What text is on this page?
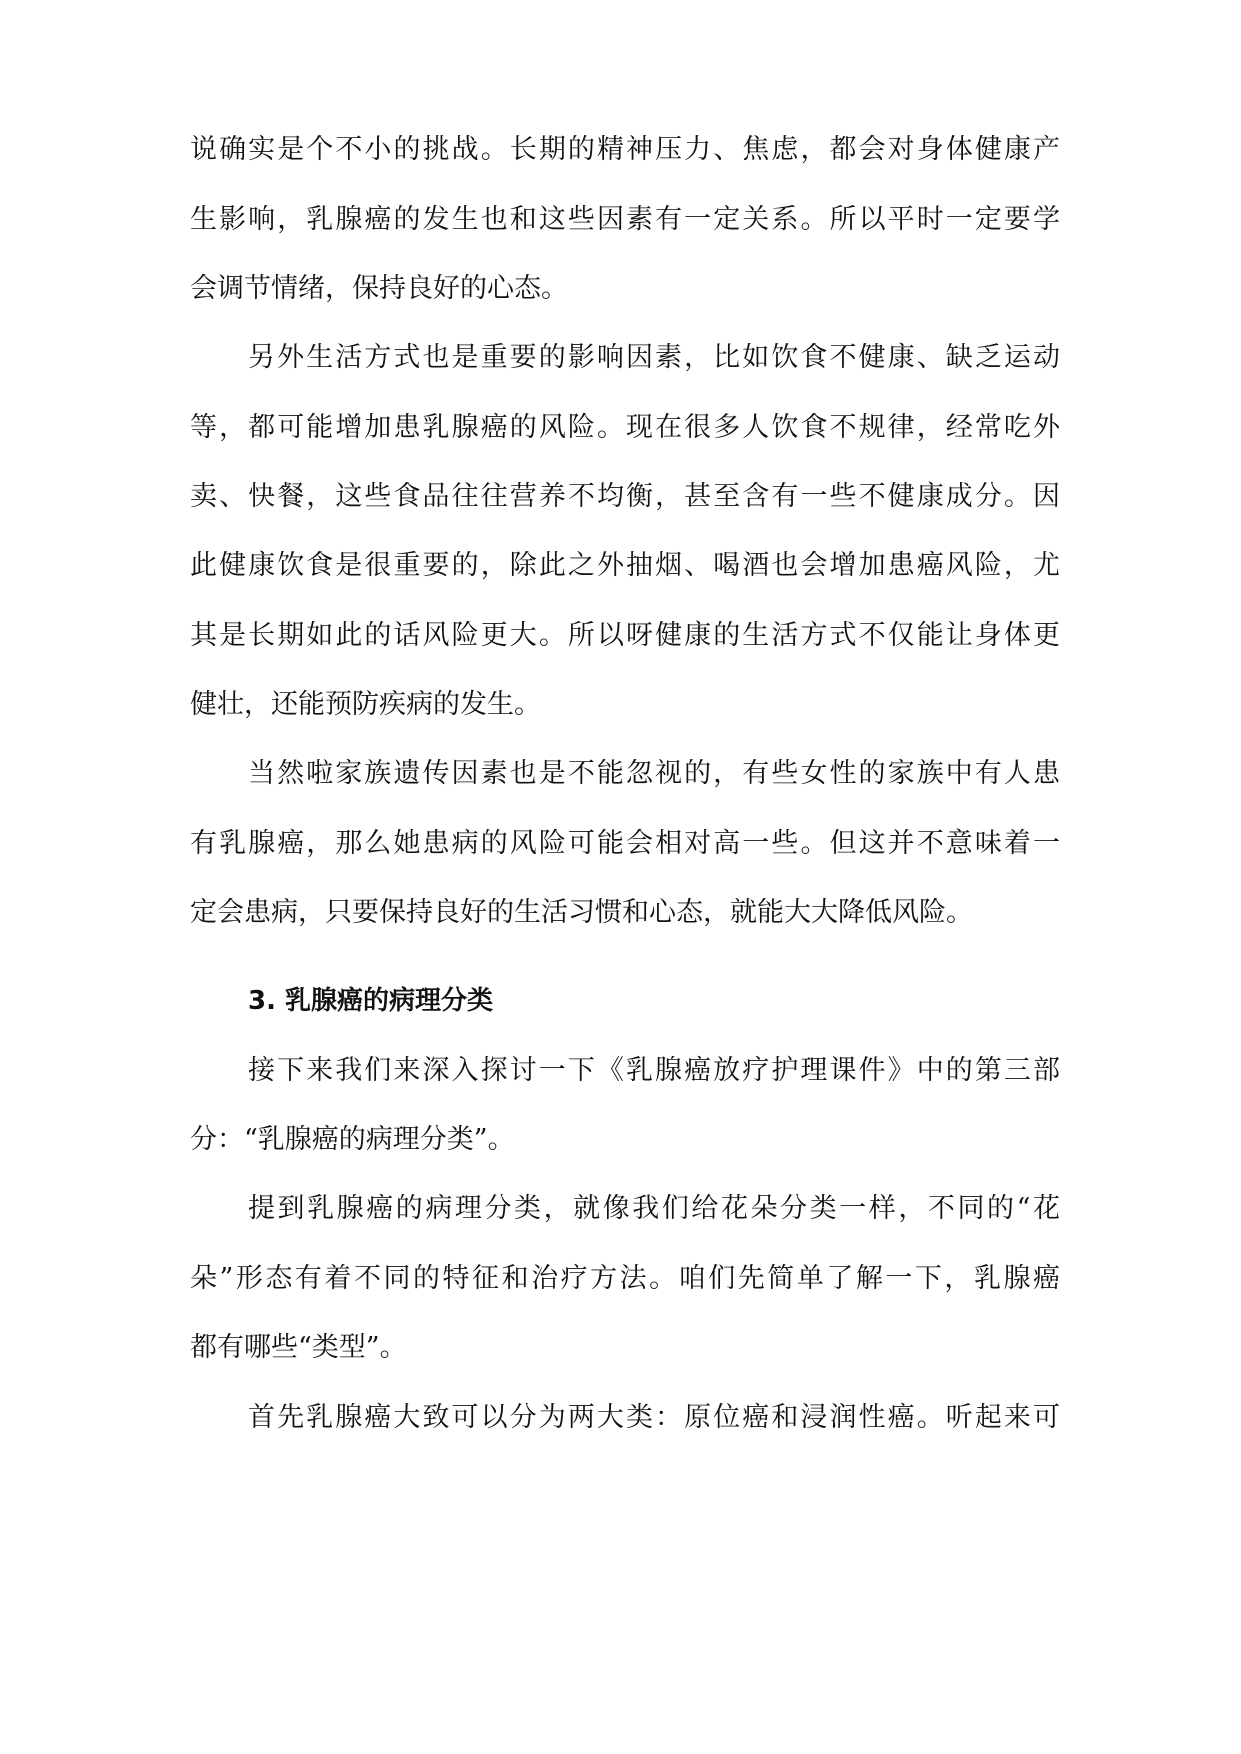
说确实是个不小的挑战。长期的精神压力、焦虑，都会对身体健康产
生影响，乳腺癌的发生也和这些因素有一定关系。所以平时一定要学
会调节情绪，保持良好的心态。
另外生活方式也是重要的影响因素，比如饮食不健康、缺乏运动
等，都可能增加患乳腺癌的风险。现在很多人饮食不规律，经常吃外
卖、快餐，这些食品往往营养不均衡，甚至含有一些不健康成分。因
此健康饮食是很重要的，除此之外抽烟、喝酒也会增加患癌风险，尤
其是长期如此的话风险更大。所以呀健康的生活方式不仅能让身体更
健壮，还能预防疾病的发生。
当然啦家族遗传因素也是不能忽视的，有些女性的家族中有人患
有乳腺癌，那么她患病的风险可能会相对高一些。但这并不意味着一
定会患病，只要保持良好的生活习惯和心态，就能大大降低风险。
3. 乳腺癌的病理分类
接下来我们来深入探讨一下《乳腺癌放疗护理课件》中的第三部
分：“乳腺癌的病理分类”。
提到乳腺癌的病理分类，就像我们给花朵分类一样，不同的“花
朵”形态有着不同的特征和治疗方法。咱们先简单了解一下，乳腺癌
都有哪些“类型”。
首先乳腺癌大致可以分为两大类：原位癌和浸润性癌。听起来可
